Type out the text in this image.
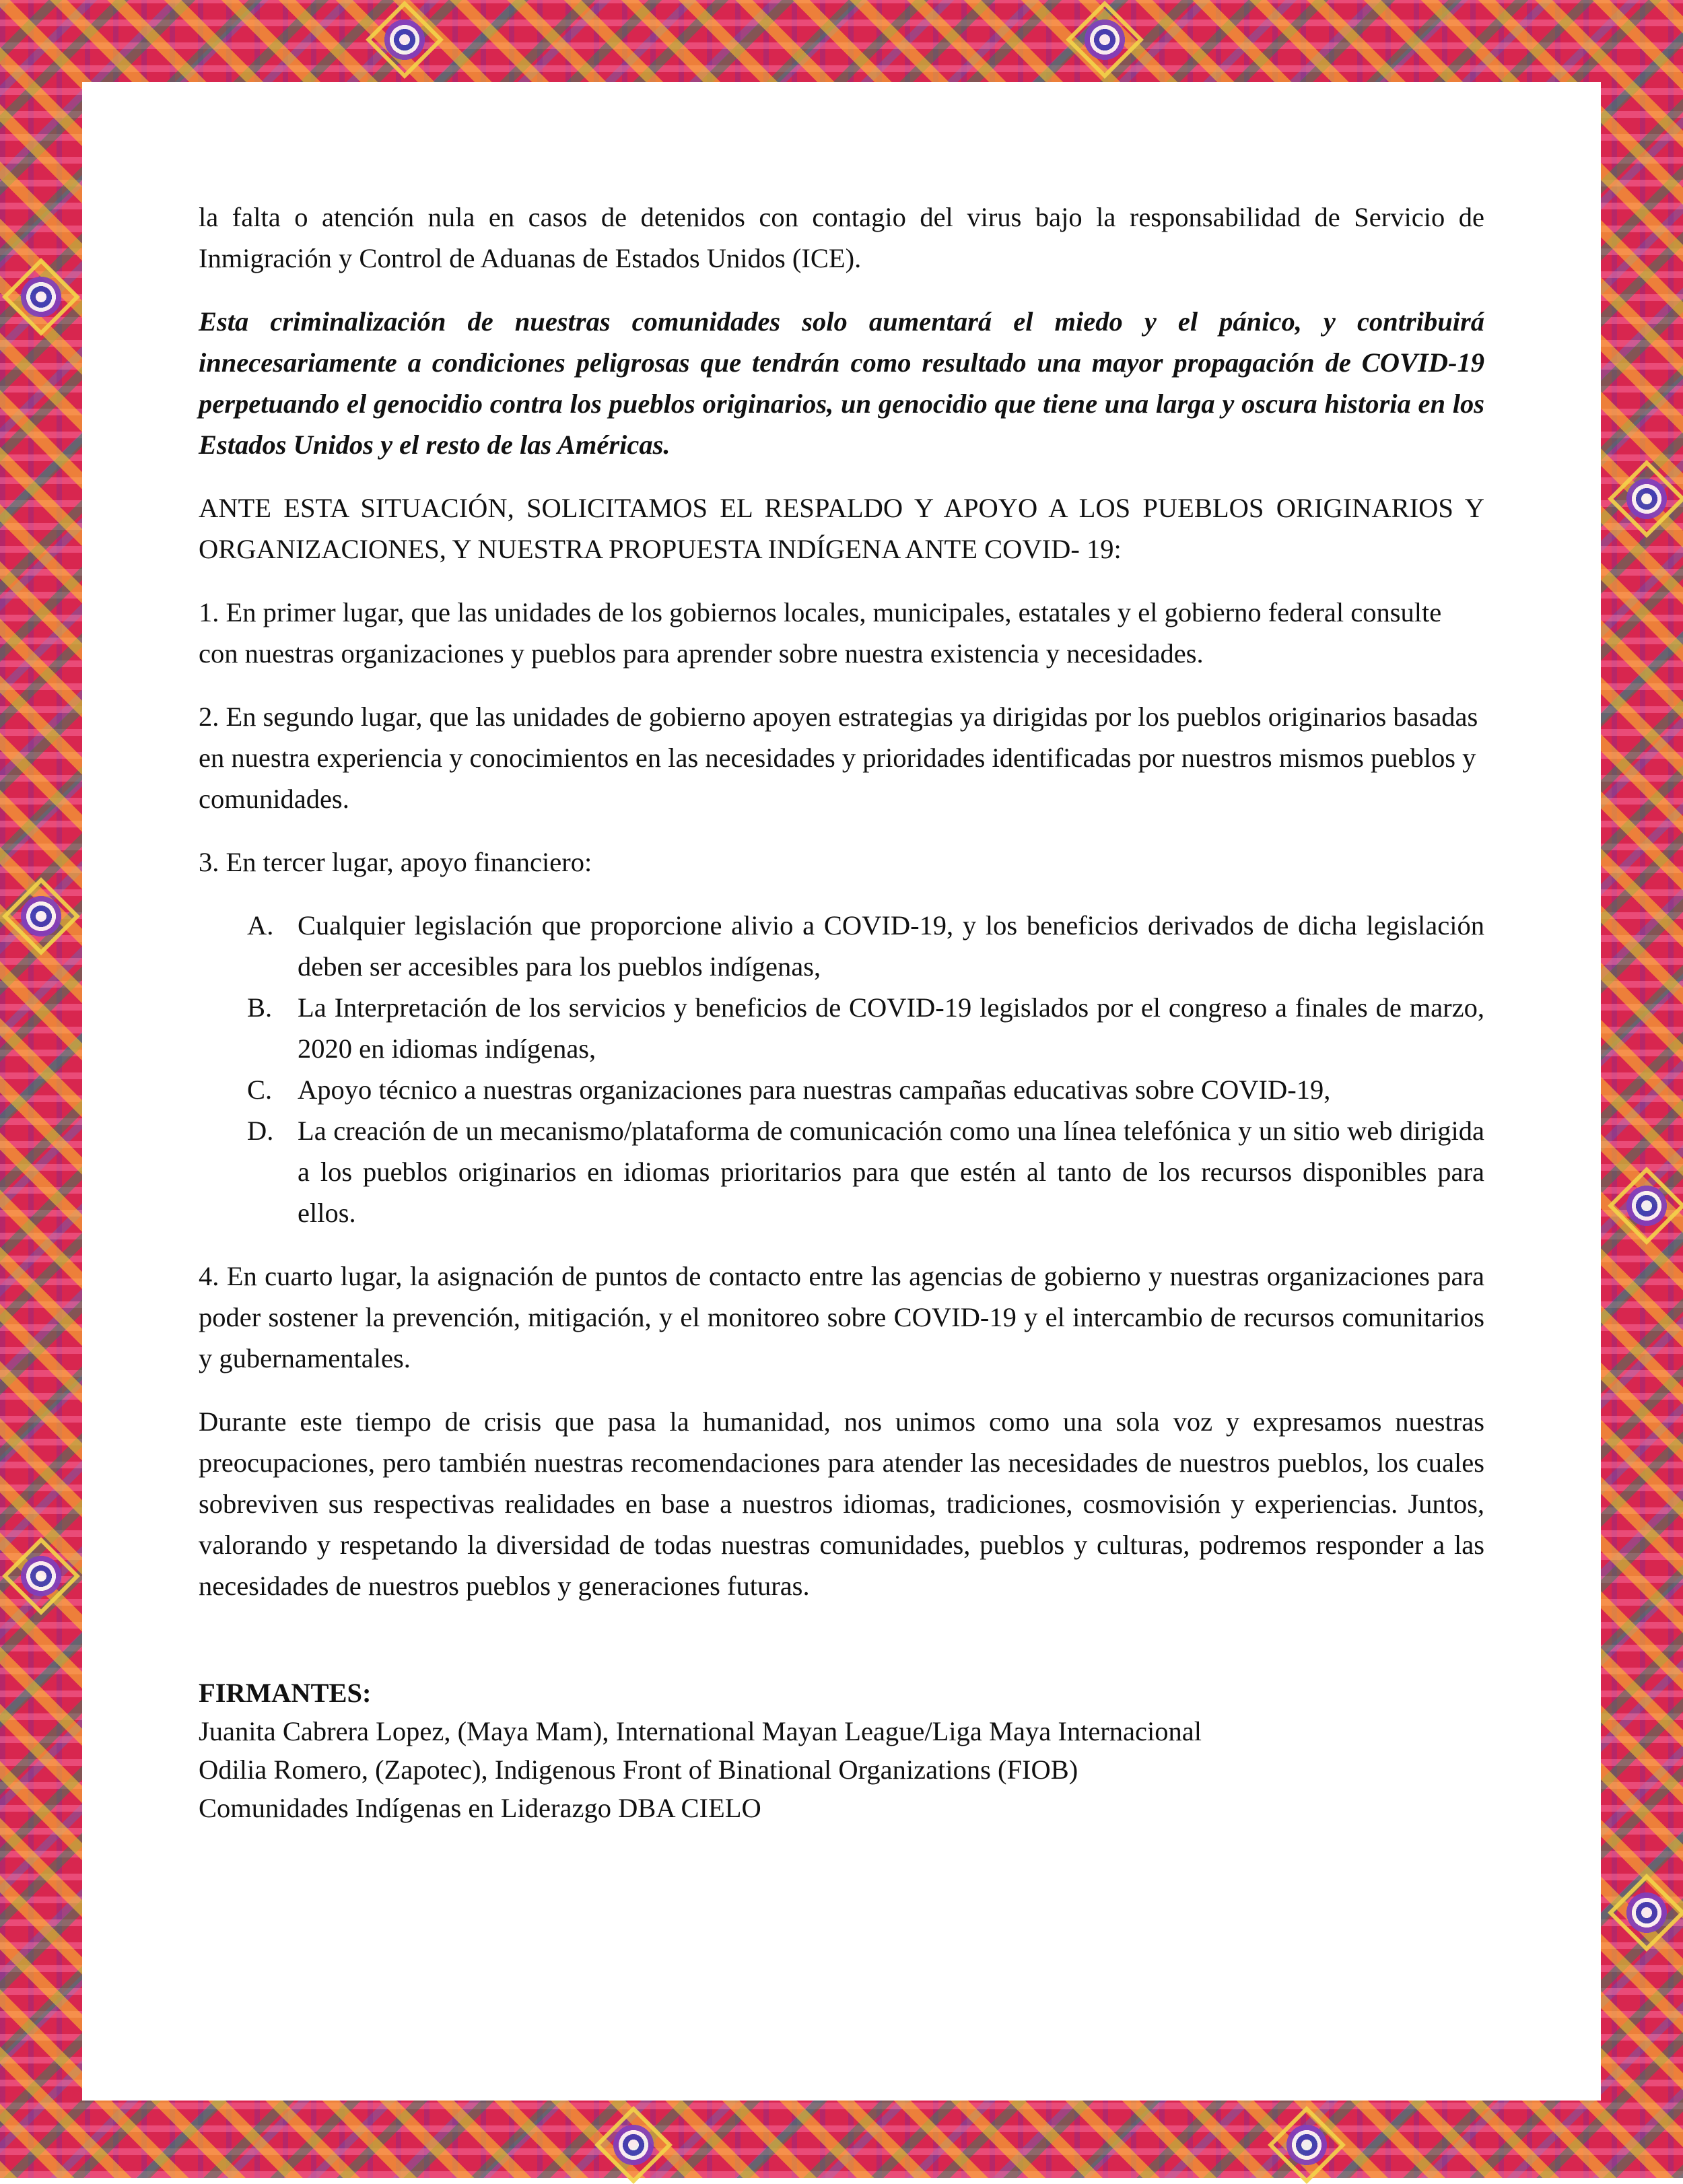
la falta o atención nula en casos de detenidos con contagio del virus bajo la responsabilidad de Servicio de Inmigración y Control de Aduanas de Estados Unidos (ICE).

Esta criminalización de nuestras comunidades solo aumentará el miedo y el pánico, y contribuirá innecesariamente a condiciones peligrosas que tendrán como resultado una mayor propagación de COVID-19 perpetuando el genocidio contra los pueblos originarios, un genocidio que tiene una larga y oscura historia en los Estados Unidos y el resto de las Américas.

ANTE ESTA SITUACIÓN, SOLICITAMOS EL RESPALDO Y APOYO A LOS PUEBLOS ORIGINARIOS Y ORGANIZACIONES, Y NUESTRA PROPUESTA INDÍGENA ANTE COVID- 19:

1. En primer lugar, que las unidades de los gobiernos locales, municipales, estatales y el gobierno federal consulte con nuestras organizaciones y pueblos para aprender sobre nuestra existencia y necesidades.

2. En segundo lugar, que las unidades de gobierno apoyen estrategias ya dirigidas por los pueblos originarios basadas en nuestra experiencia y conocimientos en las necesidades y prioridades identificadas por nuestros mismos pueblos y comunidades.

3. En tercer lugar, apoyo financiero:

A. Cualquier legislación que proporcione alivio a COVID-19, y los beneficios derivados de dicha legislación deben ser accesibles para los pueblos indígenas,
B. La Interpretación de los servicios y beneficios de COVID-19 legislados por el congreso a finales de marzo, 2020 en idiomas indígenas,
C. Apoyo técnico a nuestras organizaciones para nuestras campañas educativas sobre COVID-19,
D. La creación de un mecanismo/plataforma de comunicación como una línea telefónica y un sitio web dirigida a los pueblos originarios en idiomas prioritarios para que estén al tanto de los recursos disponibles para ellos.

4. En cuarto lugar, la asignación de puntos de contacto entre las agencias de gobierno y nuestras organizaciones para poder sostener la prevención, mitigación, y el monitoreo sobre COVID-19 y el intercambio de recursos comunitarios y gubernamentales.

Durante este tiempo de crisis que pasa la humanidad, nos unimos como una sola voz y expresamos nuestras preocupaciones, pero también nuestras recomendaciones para atender las necesidades de nuestros pueblos, los cuales sobreviven sus respectivas realidades en base a nuestros idiomas, tradiciones, cosmovisión y experiencias. Juntos, valorando y respetando la diversidad de todas nuestras comunidades, pueblos y culturas, podremos responder a las necesidades de nuestros pueblos y generaciones futuras.

FIRMANTES:
Juanita Cabrera Lopez, (Maya Mam), International Mayan League/Liga Maya Internacional
Odilia Romero, (Zapotec), Indigenous Front of Binational Organizations (FIOB)
Comunidades Indígenas en Liderazgo DBA CIELO
